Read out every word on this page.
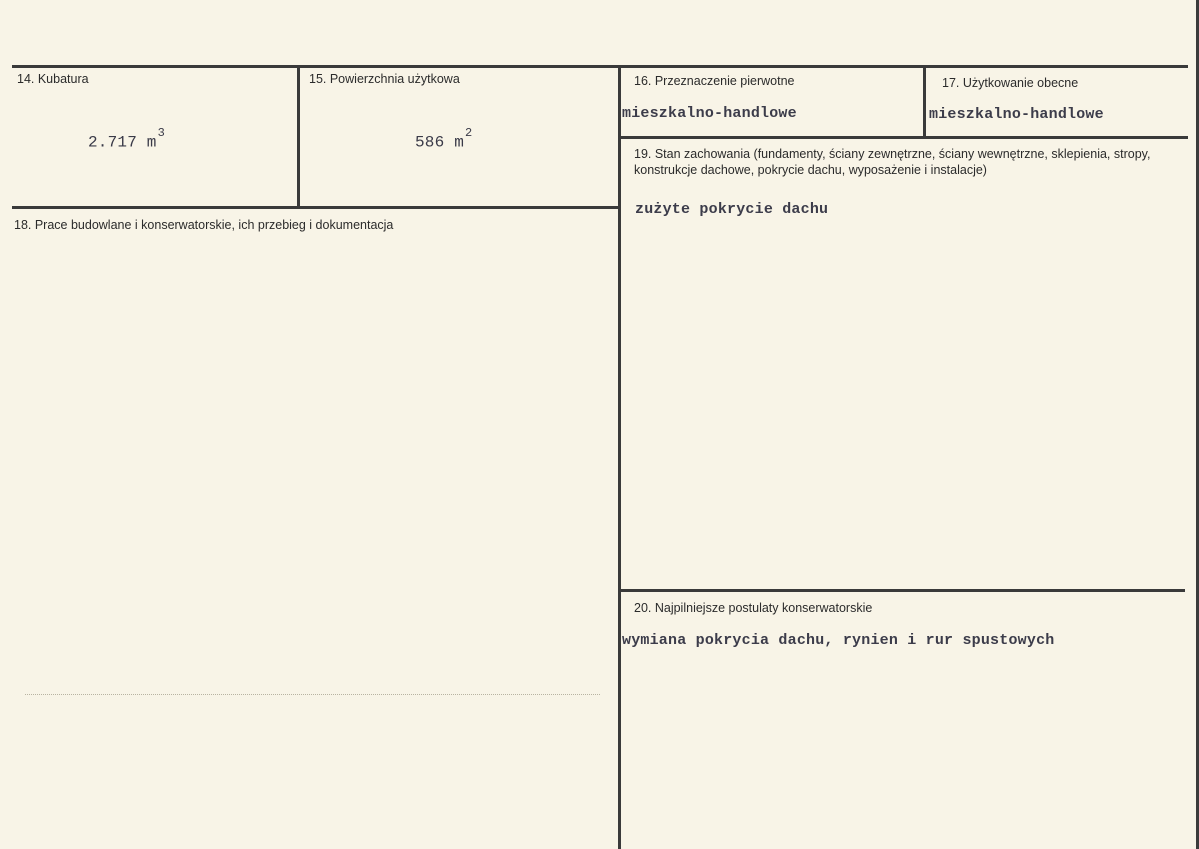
14. Kubatura
2.717 $m^3$
15. Powierzchnia użytkowa
586 $m^2$
16. Przeznaczenie pierwotne
mieszkalno-handlowe
17. Użytkowanie obecne
mieszkalno-handlowe
18. Prace budowlane i konserwatorskie, ich przebieg i dokumentacja
19. Stan zachowania (fundamenty, ściany zewnętrzne, ściany wewnętrzne, sklepienia, stropy, konstrukcje dachowe, pokrycie dachu, wyposażenie i instalacje)
zużyte pokrycie dachu
20. Najpilniejsze postulaty konserwatorskie
wymiana pokrycia dachu, rynien i rur spustowych
